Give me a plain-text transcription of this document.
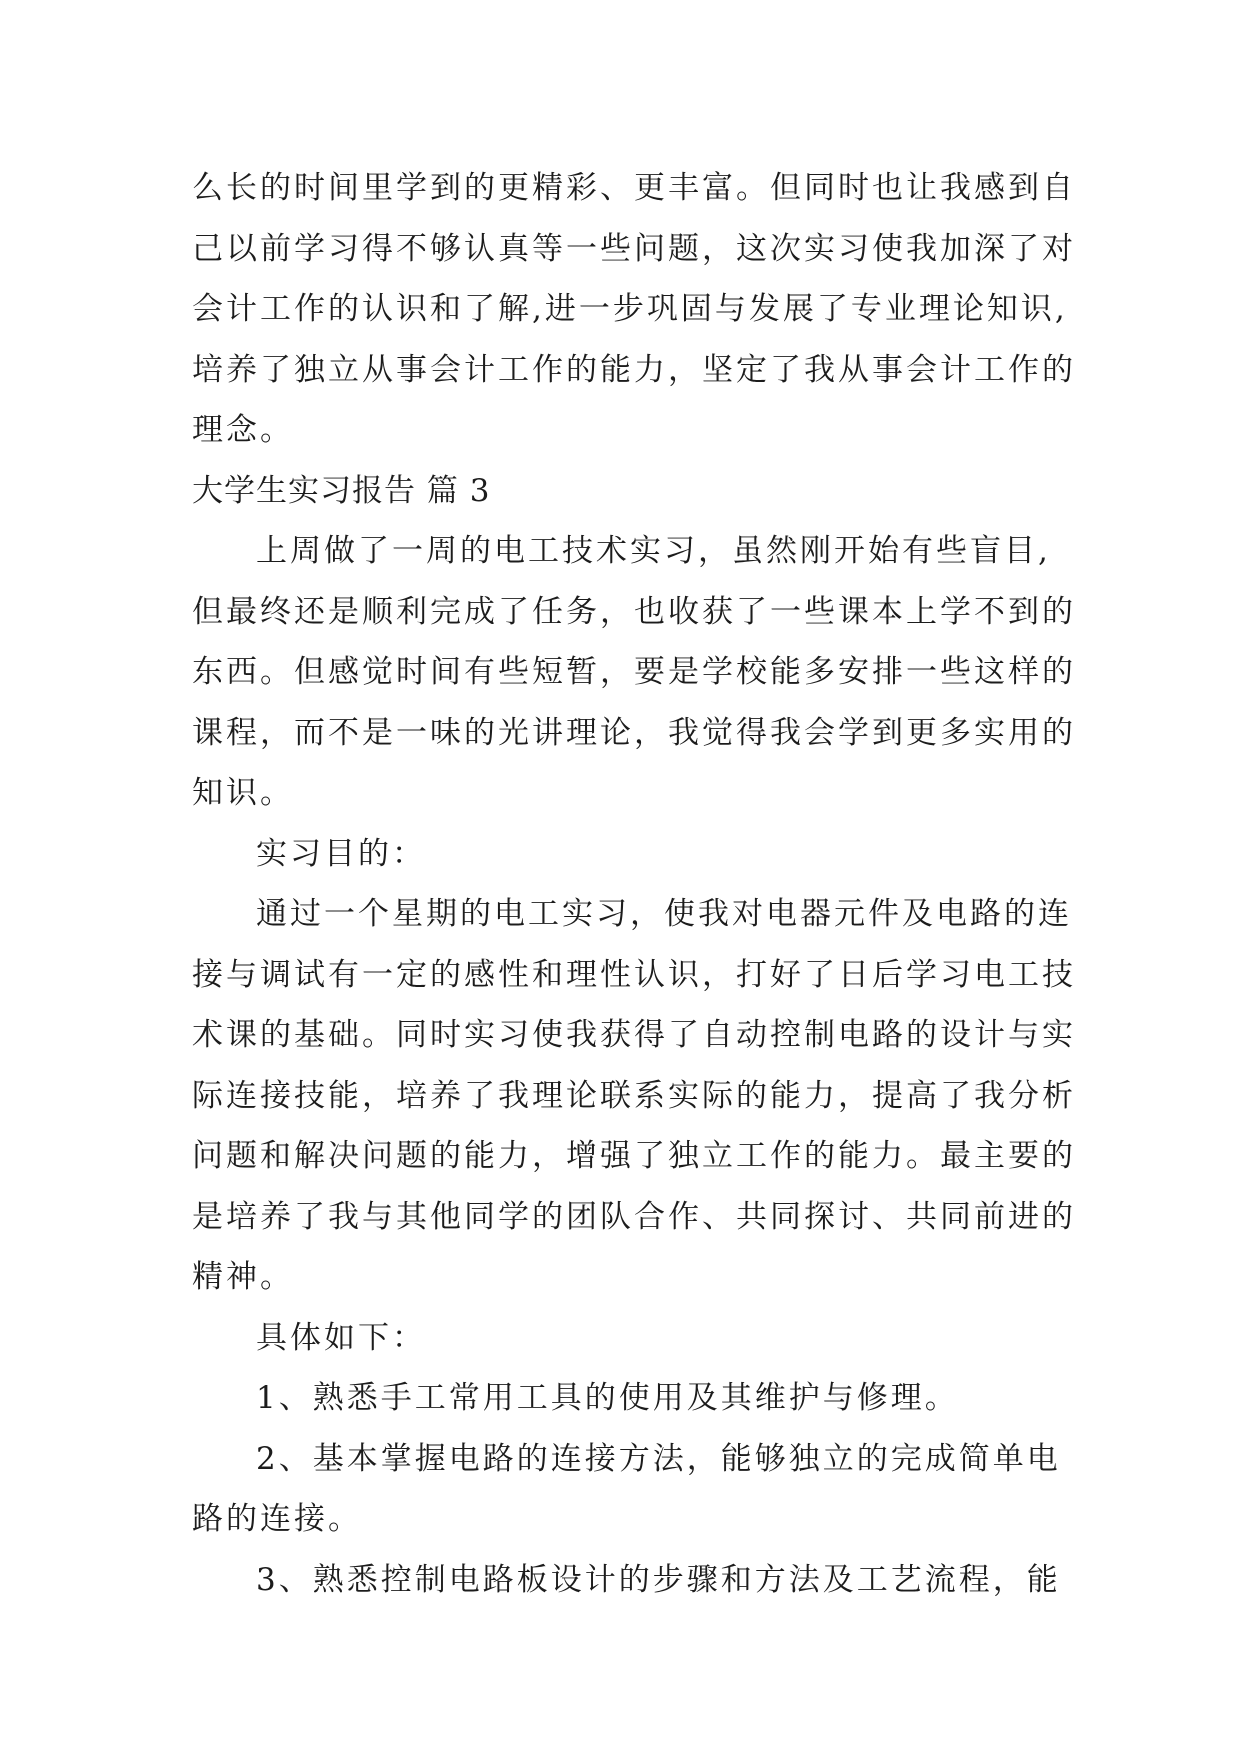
么长的时间里学到的更精彩、更丰富。但同时也让我感到自
己以前学习得不够认真等一些问题，这次实习使我加深了对
会计工作的认识和了解,进一步巩固与发展了专业理论知识,
培养了独立从事会计工作的能力，坚定了我从事会计工作的
理念。
大学生实习报告 篇 3
上周做了一周的电工技术实习，虽然刚开始有些盲目,
但最终还是顺利完成了任务，也收获了一些课本上学不到的
东西。但感觉时间有些短暂，要是学校能多安排一些这样的
课程，而不是一味的光讲理论，我觉得我会学到更多实用的
知识。
实习目的：
通过一个星期的电工实习，使我对电器元件及电路的连
接与调试有一定的感性和理性认识，打好了日后学习电工技
术课的基础。同时实习使我获得了自动控制电路的设计与实
际连接技能，培养了我理论联系实际的能力，提高了我分析
问题和解决问题的能力，增强了独立工作的能力。最主要的
是培养了我与其他同学的团队合作、共同探讨、共同前进的
精神。
具体如下：
1、熟悉手工常用工具的使用及其维护与修理。
2、基本掌握电路的连接方法，能够独立的完成简单电
路的连接。
3、熟悉控制电路板设计的步骤和方法及工艺流程，能
